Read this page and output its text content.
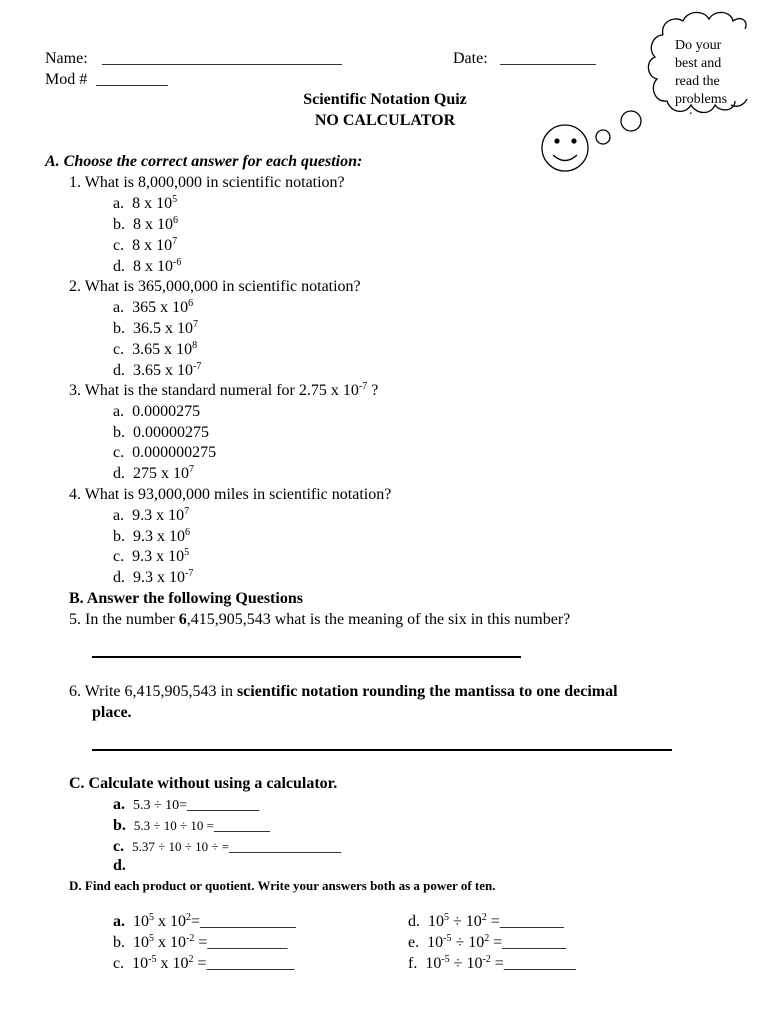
Name: ______________________________	Date: ____________
Mod # _________
Scientific Notation Quiz
NO CALCULATOR
Do your
best and
read the
problems
.
A. Choose the correct answer for each question:
1. What is 8,000,000 in scientific notation?
a. 8 x $10^5$
b. 8 x $10^6$
c. 8 x $10^7$
d. 8 x $10^{-6}$
2. What is 365,000,000 in scientific notation?
a. 365 x $10^6$
b. 36.5 x $10^7$
c. 3.65 x $10^8$
d. 3.65 x $10^{-7}$
3. What is the standard numeral for 2.75 x $10^{-7}$ ?
a. 0.0000275
b. 0.00000275
c. 0.000000275
d. 275 x $10^7$
4. What is 93,000,000 miles in scientific notation?
a. 9.3 x $10^7$
b. 9.3 x $10^6$
c. 9.3 x $10^5$
d. 9.3 x $10^{-7}$
B. Answer the following Questions
5. In the number 6,415,905,543 what is the meaning of the six in this number?
6. Write 6,415,905,543 in scientific notation rounding the mantissa to one decimal
place.
C. Calculate without using a calculator.
a. 5.3 ÷ 10=_________
b. 5.3 ÷ 10 ÷ 10 =_______
c. 5.37 ÷ 10 ÷ 10 ÷ =______________
d.
D. Find each product or quotient. Write your answers both as a power of ten.
a. $10^5$ x $10^2=\_\_\_\_\_\_\_\_\_\_\_\_$
b. $10^5$ x $10^{-2}$ =__________
c. $10^{-5}$ x $10^2$ =___________
d. $10^5 \div 10^2$ =________
e. $10^{-5} \div 10^2$ =________
f. $10^{-5} \div 10^{-2}$ =_________
